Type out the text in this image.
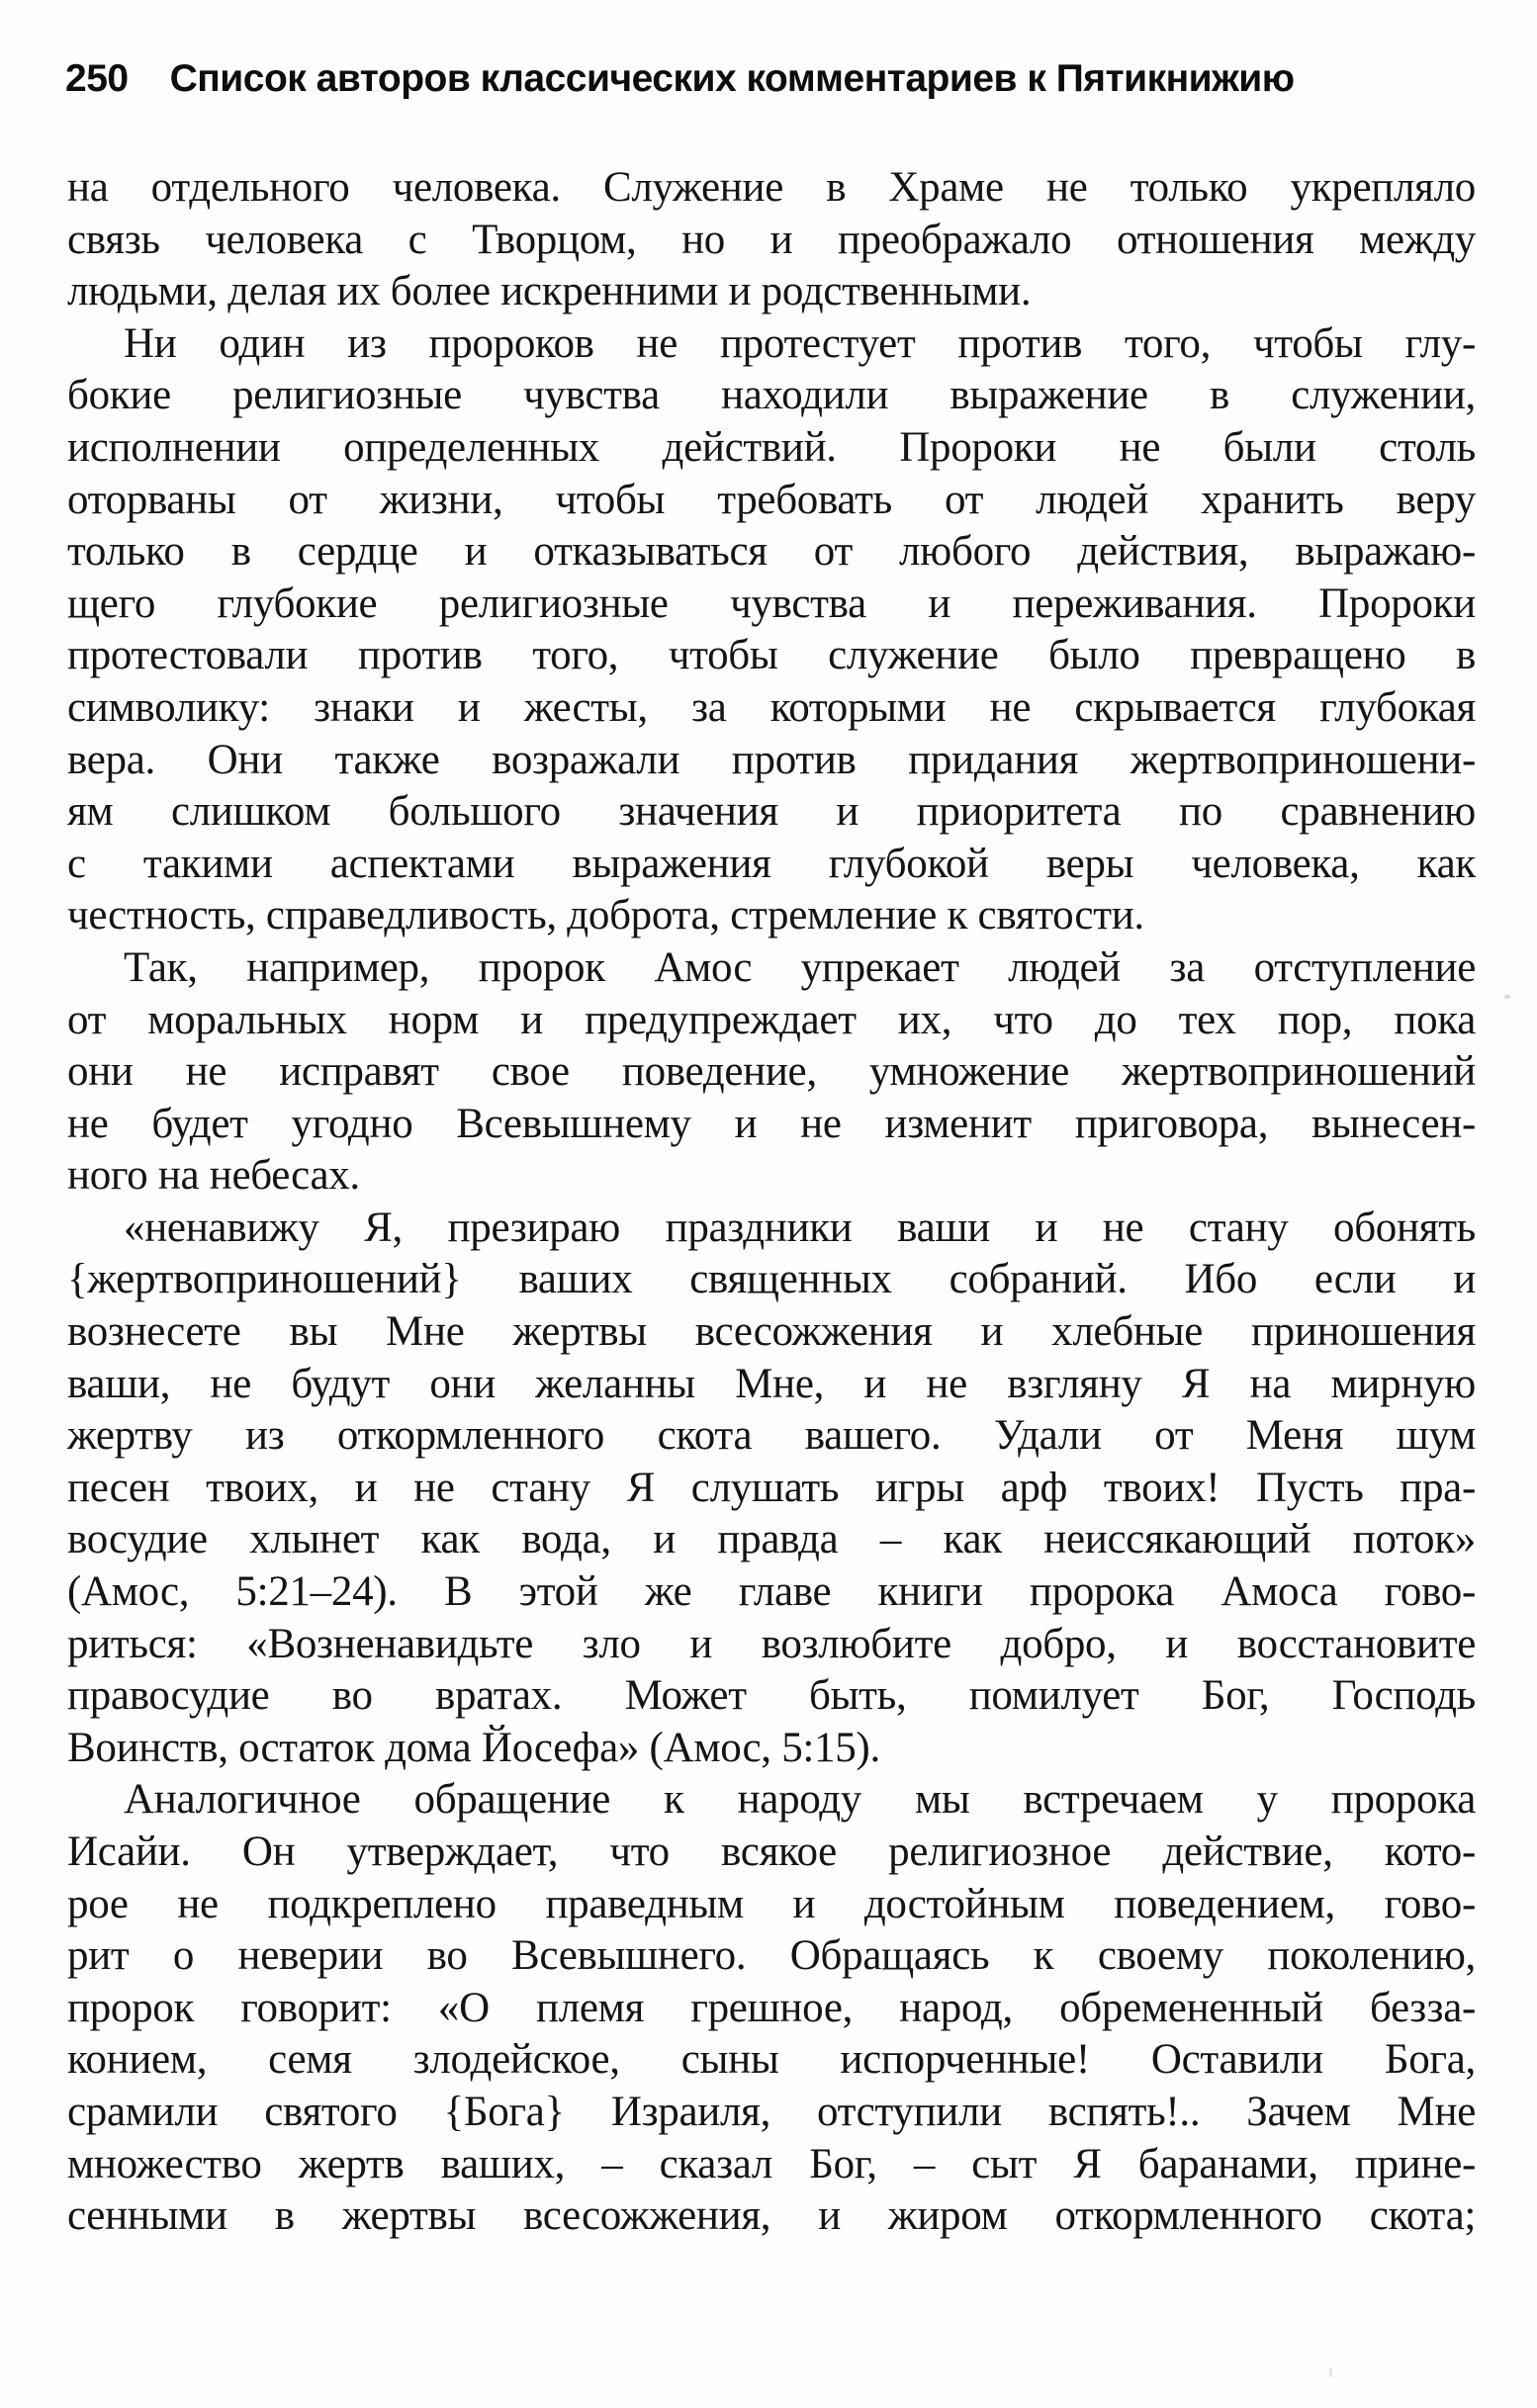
250 Список авторов классических комментариев к Пятикнижию
на отдельного человека. Служение в Храме не только укрепляло
связь человека с Творцом, но и преображало отношения между
людьми, делая их более искренними и родственными.
Ни один из пророков не протестует против того, чтобы глу-
бокие религиозные чувства находили выражение в служении,
исполнении определенных действий. Пророки не были столь
оторваны от жизни, чтобы требовать от людей хранить веру
только в сердце и отказываться от любого действия, выражаю-
щего глубокие религиозные чувства и переживания. Пророки
протестовали против того, чтобы служение было превращено в
символику: знаки и жесты, за которыми не скрывается глубокая
вера. Они также возражали против придания жертвоприношени-
ям слишком большого значения и приоритета по сравнению
с такими аспектами выражения глубокой веры человека, как
честность, справедливость, доброта, стремление к святости.
Так, например, пророк Амос упрекает людей за отступление
от моральных норм и предупреждает их, что до тех пор, пока
они не исправят свое поведение, умножение жертвоприношений
не будет угодно Всевышнему и не изменит приговора, вынесен-
ного на небесах.
«ненавижу Я, презираю праздники ваши и не стану обонять
{жертвоприношений} ваших священных собраний. Ибо если и
вознесете вы Мне жертвы всесожжения и хлебные приношения
ваши, не будут они желанны Мне, и не взгляну Я на мирную
жертву из откормленного скота вашего. Удали от Меня шум
песен твоих, и не стану Я слушать игры арф твоих! Пусть пра-
восудие хлынет как вода, и правда – как неиссякающий поток»
(Амос, 5:21–24). В этой же главе книги пророка Амоса гово-
риться: «Возненавидьте зло и возлюбите добро, и восстановите
правосудие во вратах. Может быть, помилует Бог, Господь
Воинств, остаток дома Йосефа» (Амос, 5:15).
Аналогичное обращение к народу мы встречаем у пророка
Исайи. Он утверждает, что всякое религиозное действие, кото-
рое не подкреплено праведным и достойным поведением, гово-
рит о неверии во Всевышнего. Обращаясь к своему поколению,
пророк говорит: «О племя грешное, народ, обремененный безза-
конием, семя злодейское, сыны испорченные! Оставили Бога,
срамили святого {Бога} Израиля, отступили вспять!.. Зачем Мне
множество жертв ваших, – сказал Бог, – сыт Я баранами, прине-
сенными в жертвы всесожжения, и жиром откормленного скота;
